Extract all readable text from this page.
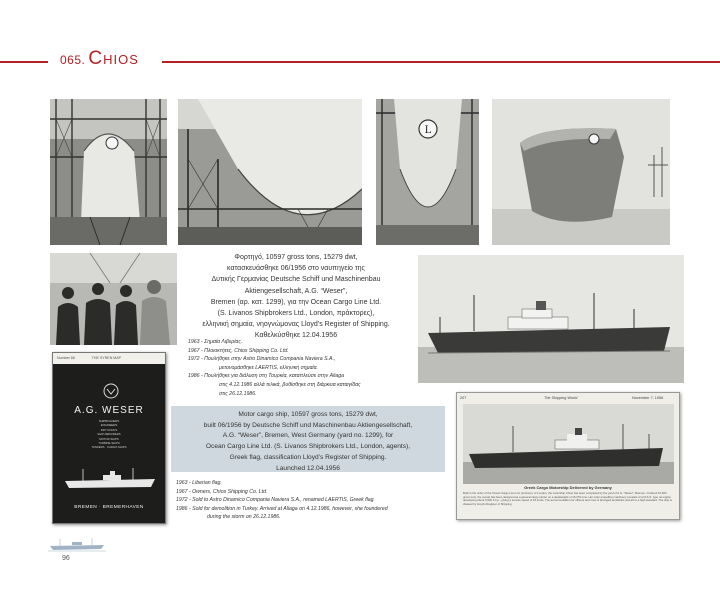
065. Chios
L

Φορτηγό, 10597 gross tons, 15279 dwt,

κατασκευάσθηκε 06/1956 στο ναυπηγείο της

Δυτικής Γερμανίας Deutsche Schiff und Maschinenbau

Aktiengesellschaft, A.G. “Weser”,

Bremen (αρ. κατ. 1299), για την Ocean Cargo Line Ltd.

(S. Livanos Shipbrokers Ltd., London, πράκτορες),

ελληνική σημαία, νηογνώμονας Lloyd’s Register of Shipping.

Καθελκύσθηκε 12.04.1956

1963 - Σημαία Λιβερίας.

1967 - Πλοιοκτήτες, Chios Shipping Co. Ltd.

1972 - Πουλήθηκε στην Astro Dinamico Compania Naviera S.A.,

μετονομάσθηκε LAERTIS, ελληνική σημαία.

1986 - Πουλήθηκε για διάλυση στη Τουρκία, καταπλεύσε στην Aliaga

στις 4.12.1986 αλλά τελικά, βυθίσθηκε στη διάρκεια καταιγίδας

στις 26.12.1986.

Number 68	THE SYREN MAP
A.G. WESER
SHIPBUILDERS
ENGINEERS
DRY DOCKS
SHIP REPAIRERS
MOTOR SHIPS
TURBINE SHIPS
TANKERS · CARGO SHIPS
BREMEN · BREMERHAVEN

Motor cargo ship, 10597 gross tons, 15279 dwt,

built 06/1956 by Deutsche Schiff und Maschinenbau Aktiengesellschaft,

A.G. “Weser”, Bremen, West Germany (yard no. 1299), for

Ocean Cargo Line Ltd. (S. Livanos Shipbrokers Ltd., London, agents),

Greek flag, classification Lloyd’s Register of Shipping.

Launched 12.04.1956

1963 - Liberian flag.

1967 - Owners, Chios Shipping Co. Ltd.

1972 - Sold to Astro Dinamico Compania Naviera S.A., renamed LAERTIS, Greek flag.

1986 - Sold for demolition in Turkey. Arrived at Aliaga on 4.12.1986, however, she foundered

during the storm on 26.12.1986.

207	The Shipping World	November 7, 1956
Greek Cargo Motorship Delivered by Germany
Built to the order of the Ocean Cargo Line Ltd. (Livanos), of London, the motorship Chios has been completed by the yard of A.G. "Weser", Bremen. Of about 10,600 gross tons, the vessel has been designed as a general cargo carrier on a deadweight of 15,279 tons. Her main propelling machinery consists of a M.A.N. type oil engine developing about 6,900 b.h.p., giving a service speed of 15 knots. The accommodation for officers and crew is arranged amidships and aft to a high standard. The ship is classed by Lloyd's Register of Shipping.
96
